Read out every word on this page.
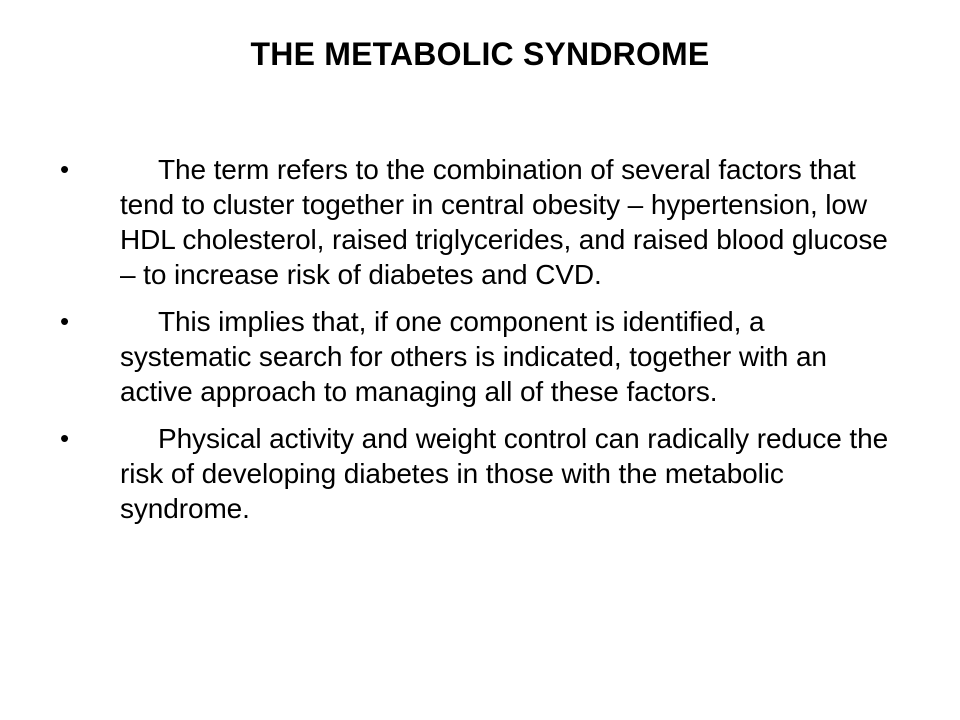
THE METABOLIC SYNDROME
•	The term refers to the combination of several factors that tend to cluster together in central obesity – hypertension, low HDL cholesterol, raised triglycerides, and raised blood glucose – to increase risk of diabetes and CVD.
•	This implies that, if one component is identified, a systematic search for others is indicated, together with an active approach to managing all of these factors.
•	Physical activity and weight control can radically reduce the risk of developing diabetes in those with the metabolic syndrome.
